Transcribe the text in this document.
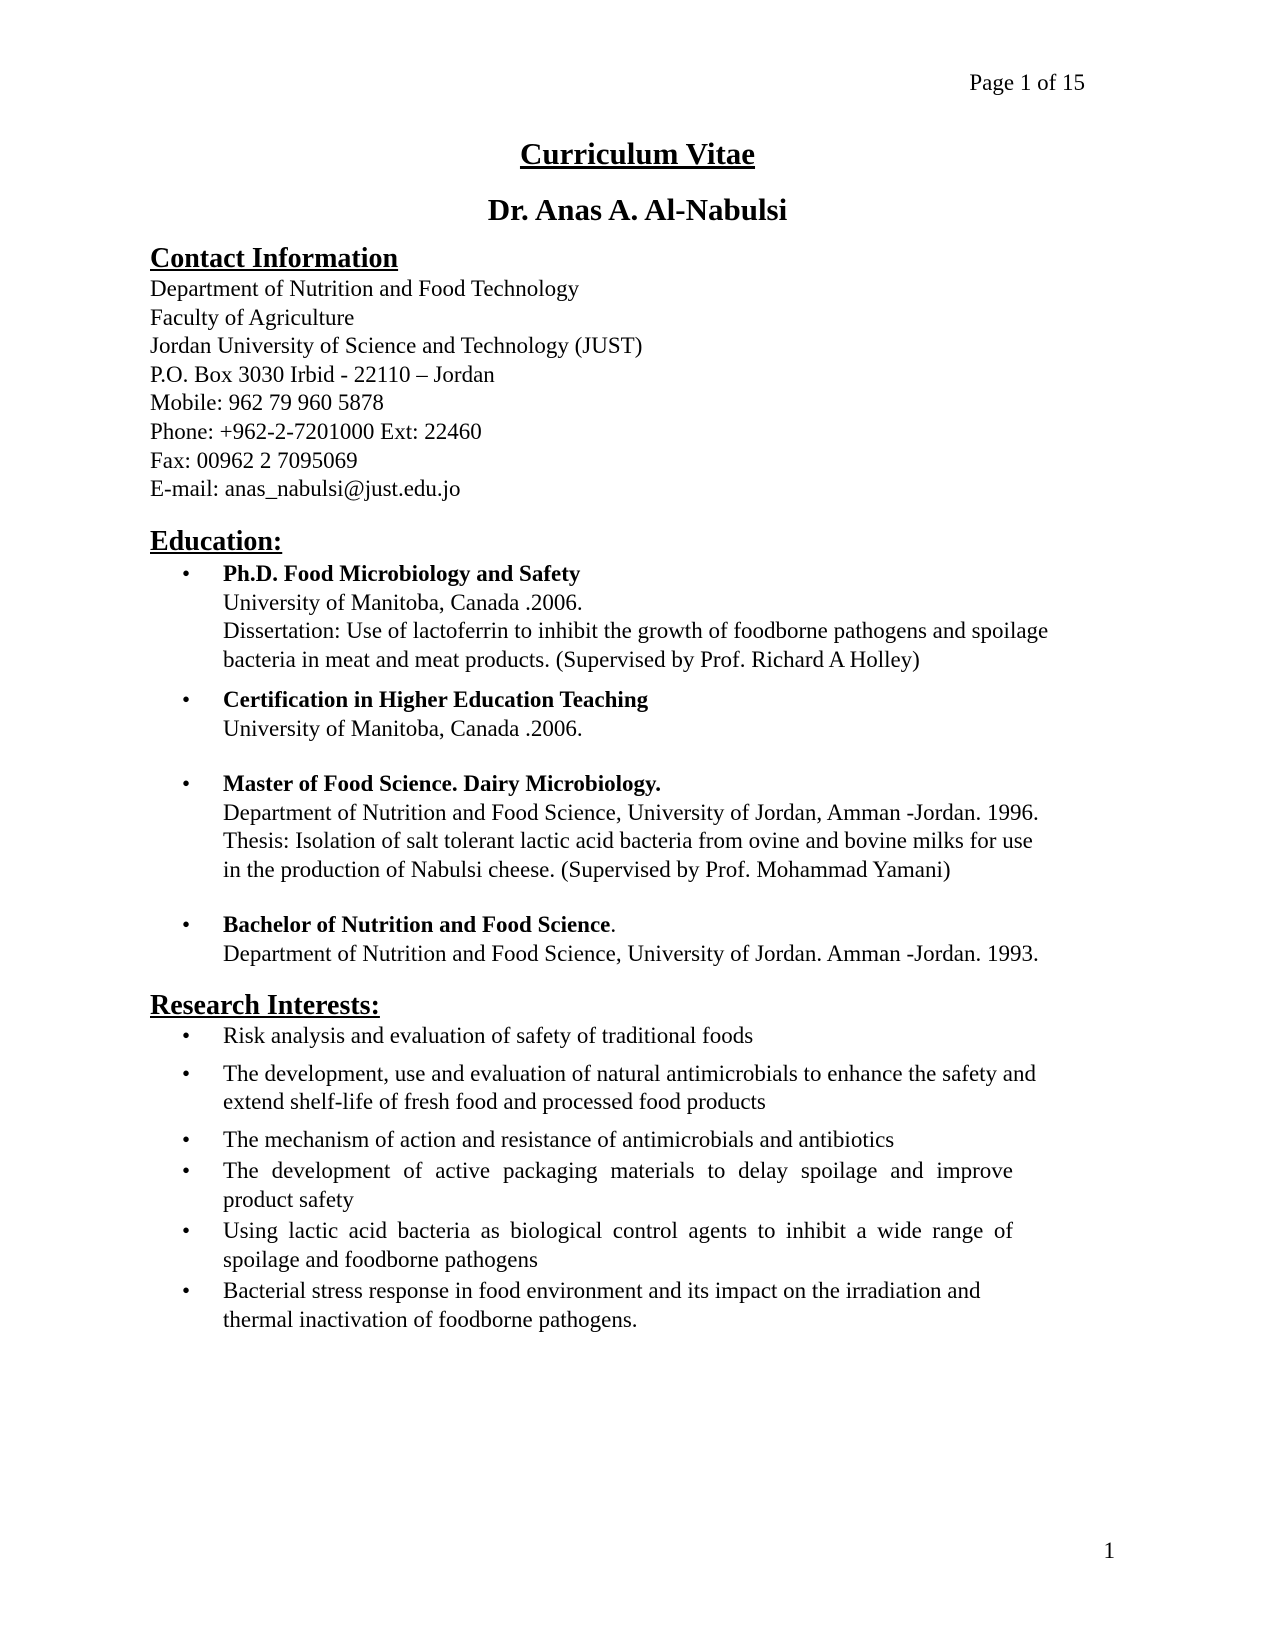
Page 1 of 15
Curriculum Vitae
Dr. Anas A. Al-Nabulsi
Contact Information
Department of Nutrition and Food Technology
Faculty of Agriculture
Jordan University of Science and Technology (JUST)
P.O. Box 3030 Irbid - 22110 – Jordan
Mobile: 962 79 960 5878
Phone: +962-2-7201000 Ext: 22460
Fax: 00962 2 7095069
E-mail: anas_nabulsi@just.edu.jo
Education:
• Ph.D. Food Microbiology and Safety
University of Manitoba, Canada .2006.
Dissertation: Use of lactoferrin to inhibit the growth of foodborne pathogens and spoilage
bacteria in meat and meat products. (Supervised by Prof. Richard A Holley)
• Certification in Higher Education Teaching
University of Manitoba, Canada .2006.
• Master of Food Science. Dairy Microbiology.
Department of Nutrition and Food Science, University of Jordan, Amman -Jordan. 1996.
Thesis: Isolation of salt tolerant lactic acid bacteria from ovine and bovine milks for use
in the production of Nabulsi cheese. (Supervised by Prof. Mohammad Yamani)
• Bachelor of Nutrition and Food Science.
Department of Nutrition and Food Science, University of Jordan. Amman -Jordan. 1993.
Research Interests:
• Risk analysis and evaluation of safety of traditional foods
• The development, use and evaluation of natural antimicrobials to enhance the safety and extend shelf-life of fresh food and processed food products
• The mechanism of action and resistance of antimicrobials and antibiotics
• The development of active packaging materials to delay spoilage and improve product safety
• Using lactic acid bacteria as biological control agents to inhibit a wide range of spoilage and foodborne pathogens
• Bacterial stress response in food environment and its impact on the irradiation and thermal inactivation of foodborne pathogens.
1
